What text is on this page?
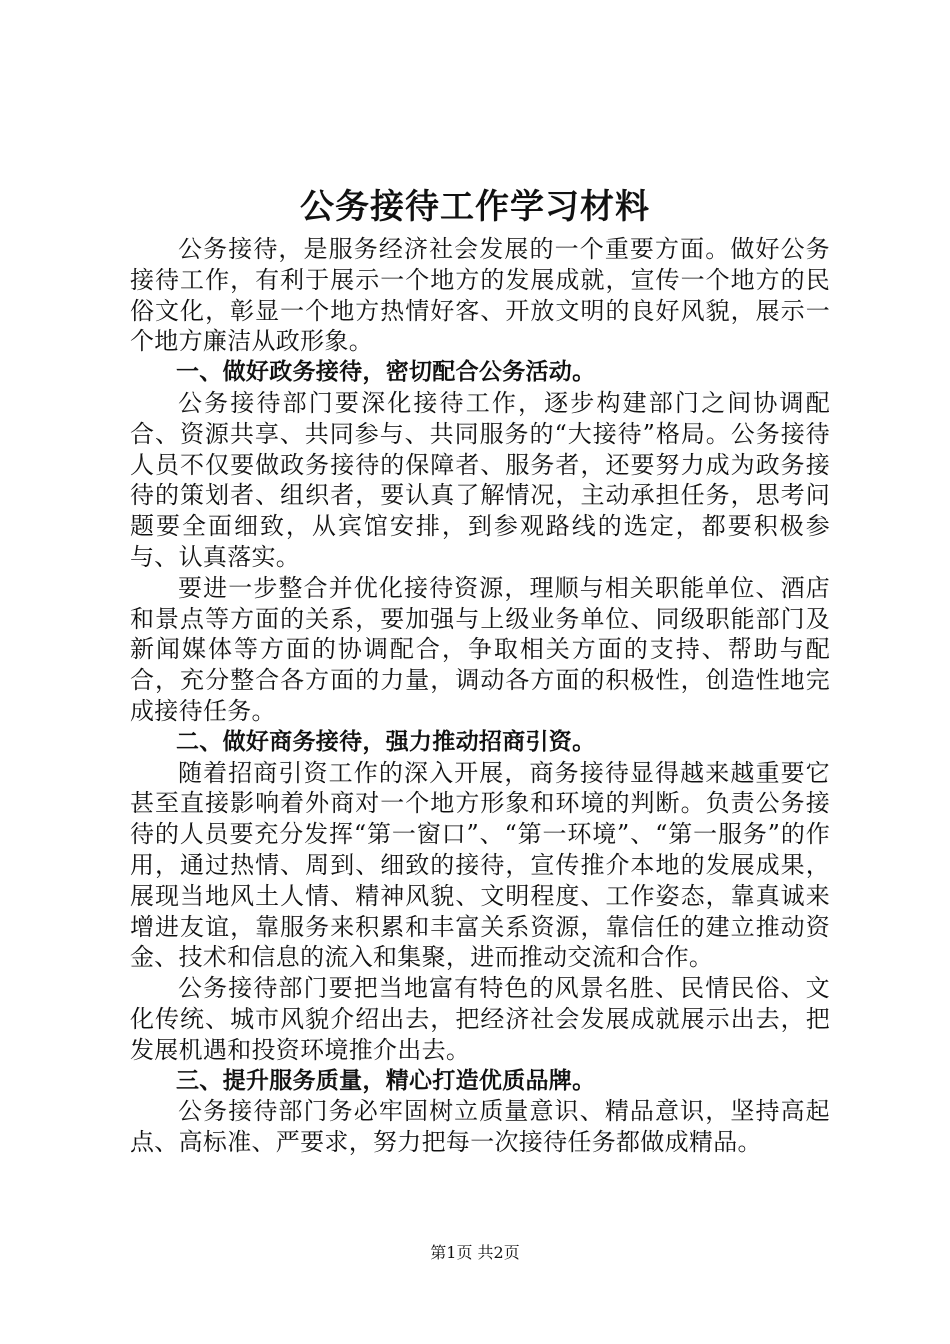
公务接待工作学习材料

公务接待，是服务经济社会发展的一个重要方面。做好公务接待工作，有利于展示一个地方的发展成就，宣传一个地方的民俗文化，彰显一个地方热情好客、开放文明的良好风貌，展示一个地方廉洁从政形象。

一、做好政务接待，密切配合公务活动。

公务接待部门要深化接待工作，逐步构建部门之间协调配合、资源共享、共同参与、共同服务的“大接待”格局。公务接待人员不仅要做政务接待的保障者、服务者，还要努力成为政务接待的策划者、组织者，要认真了解情况，主动承担任务，思考问题要全面细致，从宾馆安排，到参观路线的选定，都要积极参与、认真落实。

要进一步整合并优化接待资源，理顺与相关职能单位、酒店和景点等方面的关系，要加强与上级业务单位、同级职能部门及新闻媒体等方面的协调配合，争取相关方面的支持、帮助与配合，充分整合各方面的力量，调动各方面的积极性，创造性地完成接待任务。

二、做好商务接待，强力推动招商引资。

随着招商引资工作的深入开展，商务接待显得越来越重要它甚至直接影响着外商对一个地方形象和环境的判断。负责公务接待的人员要充分发挥“第一窗口”、“第一环境”、“第一服务”的作用，通过热情、周到、细致的接待，宣传推介本地的发展成果，展现当地风土人情、精神风貌、文明程度、工作姿态，靠真诚来增进友谊，靠服务来积累和丰富关系资源，靠信任的建立推动资金、技术和信息的流入和集聚，进而推动交流和合作。

公务接待部门要把当地富有特色的风景名胜、民情民俗、文化传统、城市风貌介绍出去，把经济社会发展成就展示出去，把发展机遇和投资环境推介出去。

三、提升服务质量，精心打造优质品牌。

公务接待部门务必牢固树立质量意识、精品意识，坚持高起点、高标准、严要求，努力把每一次接待任务都做成精品。

第1页 共2页
